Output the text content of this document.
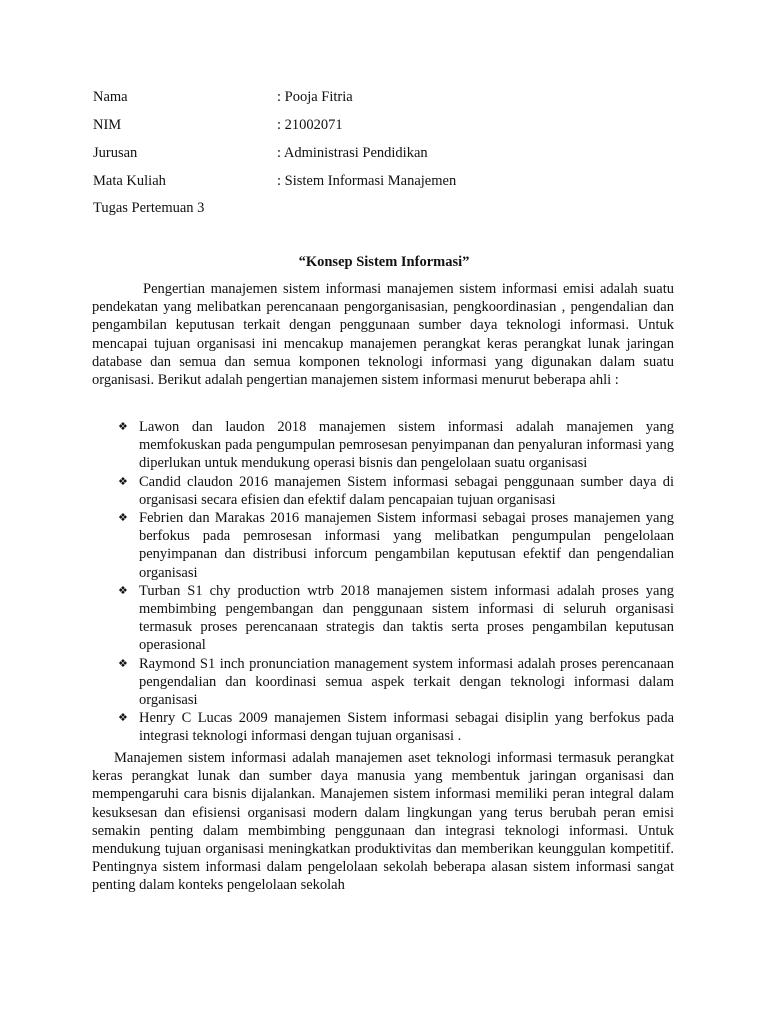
Nama	: Pooja Fitria
NIM	: 21002071
Jurusan	: Administrasi Pendidikan
Mata Kuliah	: Sistem Informasi Manajemen
Tugas Pertemuan 3
“Konsep Sistem Informasi”

Pengertian manajemen sistem informasi manajemen sistem informasi emisi adalah suatu pendekatan yang melibatkan perencanaan pengorganisasian, pengkoordinasian , pengendalian dan pengambilan keputusan terkait dengan penggunaan sumber daya teknologi informasi. Untuk mencapai tujuan organisasi ini mencakup manajemen perangkat keras perangkat lunak jaringan database dan semua dan semua komponen teknologi informasi yang digunakan dalam suatu organisasi. Berikut adalah pengertian manajemen sistem informasi menurut beberapa ahli :

❖ Lawon dan laudon 2018 manajemen sistem informasi adalah manajemen yang memfokuskan pada pengumpulan pemrosesan penyimpanan dan penyaluran informasi yang diperlukan untuk mendukung operasi bisnis dan pengelolaan suatu organisasi
❖ Candid claudon 2016 manajemen Sistem informasi sebagai penggunaan sumber daya di organisasi secara efisien dan efektif dalam pencapaian tujuan organisasi
❖ Febrien dan Marakas 2016 manajemen Sistem informasi sebagai proses manajemen yang berfokus pada pemrosesan informasi yang melibatkan pengumpulan pengelolaan penyimpanan dan distribusi inforcum pengambilan keputusan efektif dan pengendalian organisasi
❖ Turban S1 chy production wtrb 2018 manajemen sistem informasi adalah proses yang membimbing pengembangan dan penggunaan sistem informasi di seluruh organisasi termasuk proses perencanaan strategis dan taktis serta proses pengambilan keputusan operasional
❖ Raymond S1 inch pronunciation management system informasi adalah proses perencanaan pengendalian dan koordinasi semua aspek terkait dengan teknologi informasi dalam organisasi
❖ Henry C Lucas 2009 manajemen Sistem informasi sebagai disiplin yang berfokus pada integrasi teknologi informasi dengan tujuan organisasi .

Manajemen sistem informasi adalah manajemen aset teknologi informasi termasuk perangkat keras perangkat lunak dan sumber daya manusia yang membentuk jaringan organisasi dan mempengaruhi cara bisnis dijalankan. Manajemen sistem informasi memiliki peran integral dalam kesuksesan dan efisiensi organisasi modern dalam lingkungan yang terus berubah peran emisi semakin penting dalam membimbing penggunaan dan integrasi teknologi informasi. Untuk mendukung tujuan organisasi meningkatkan produktivitas dan memberikan keunggulan kompetitif. Pentingnya sistem informasi dalam pengelolaan sekolah beberapa alasan sistem informasi sangat penting dalam konteks pengelolaan sekolah
